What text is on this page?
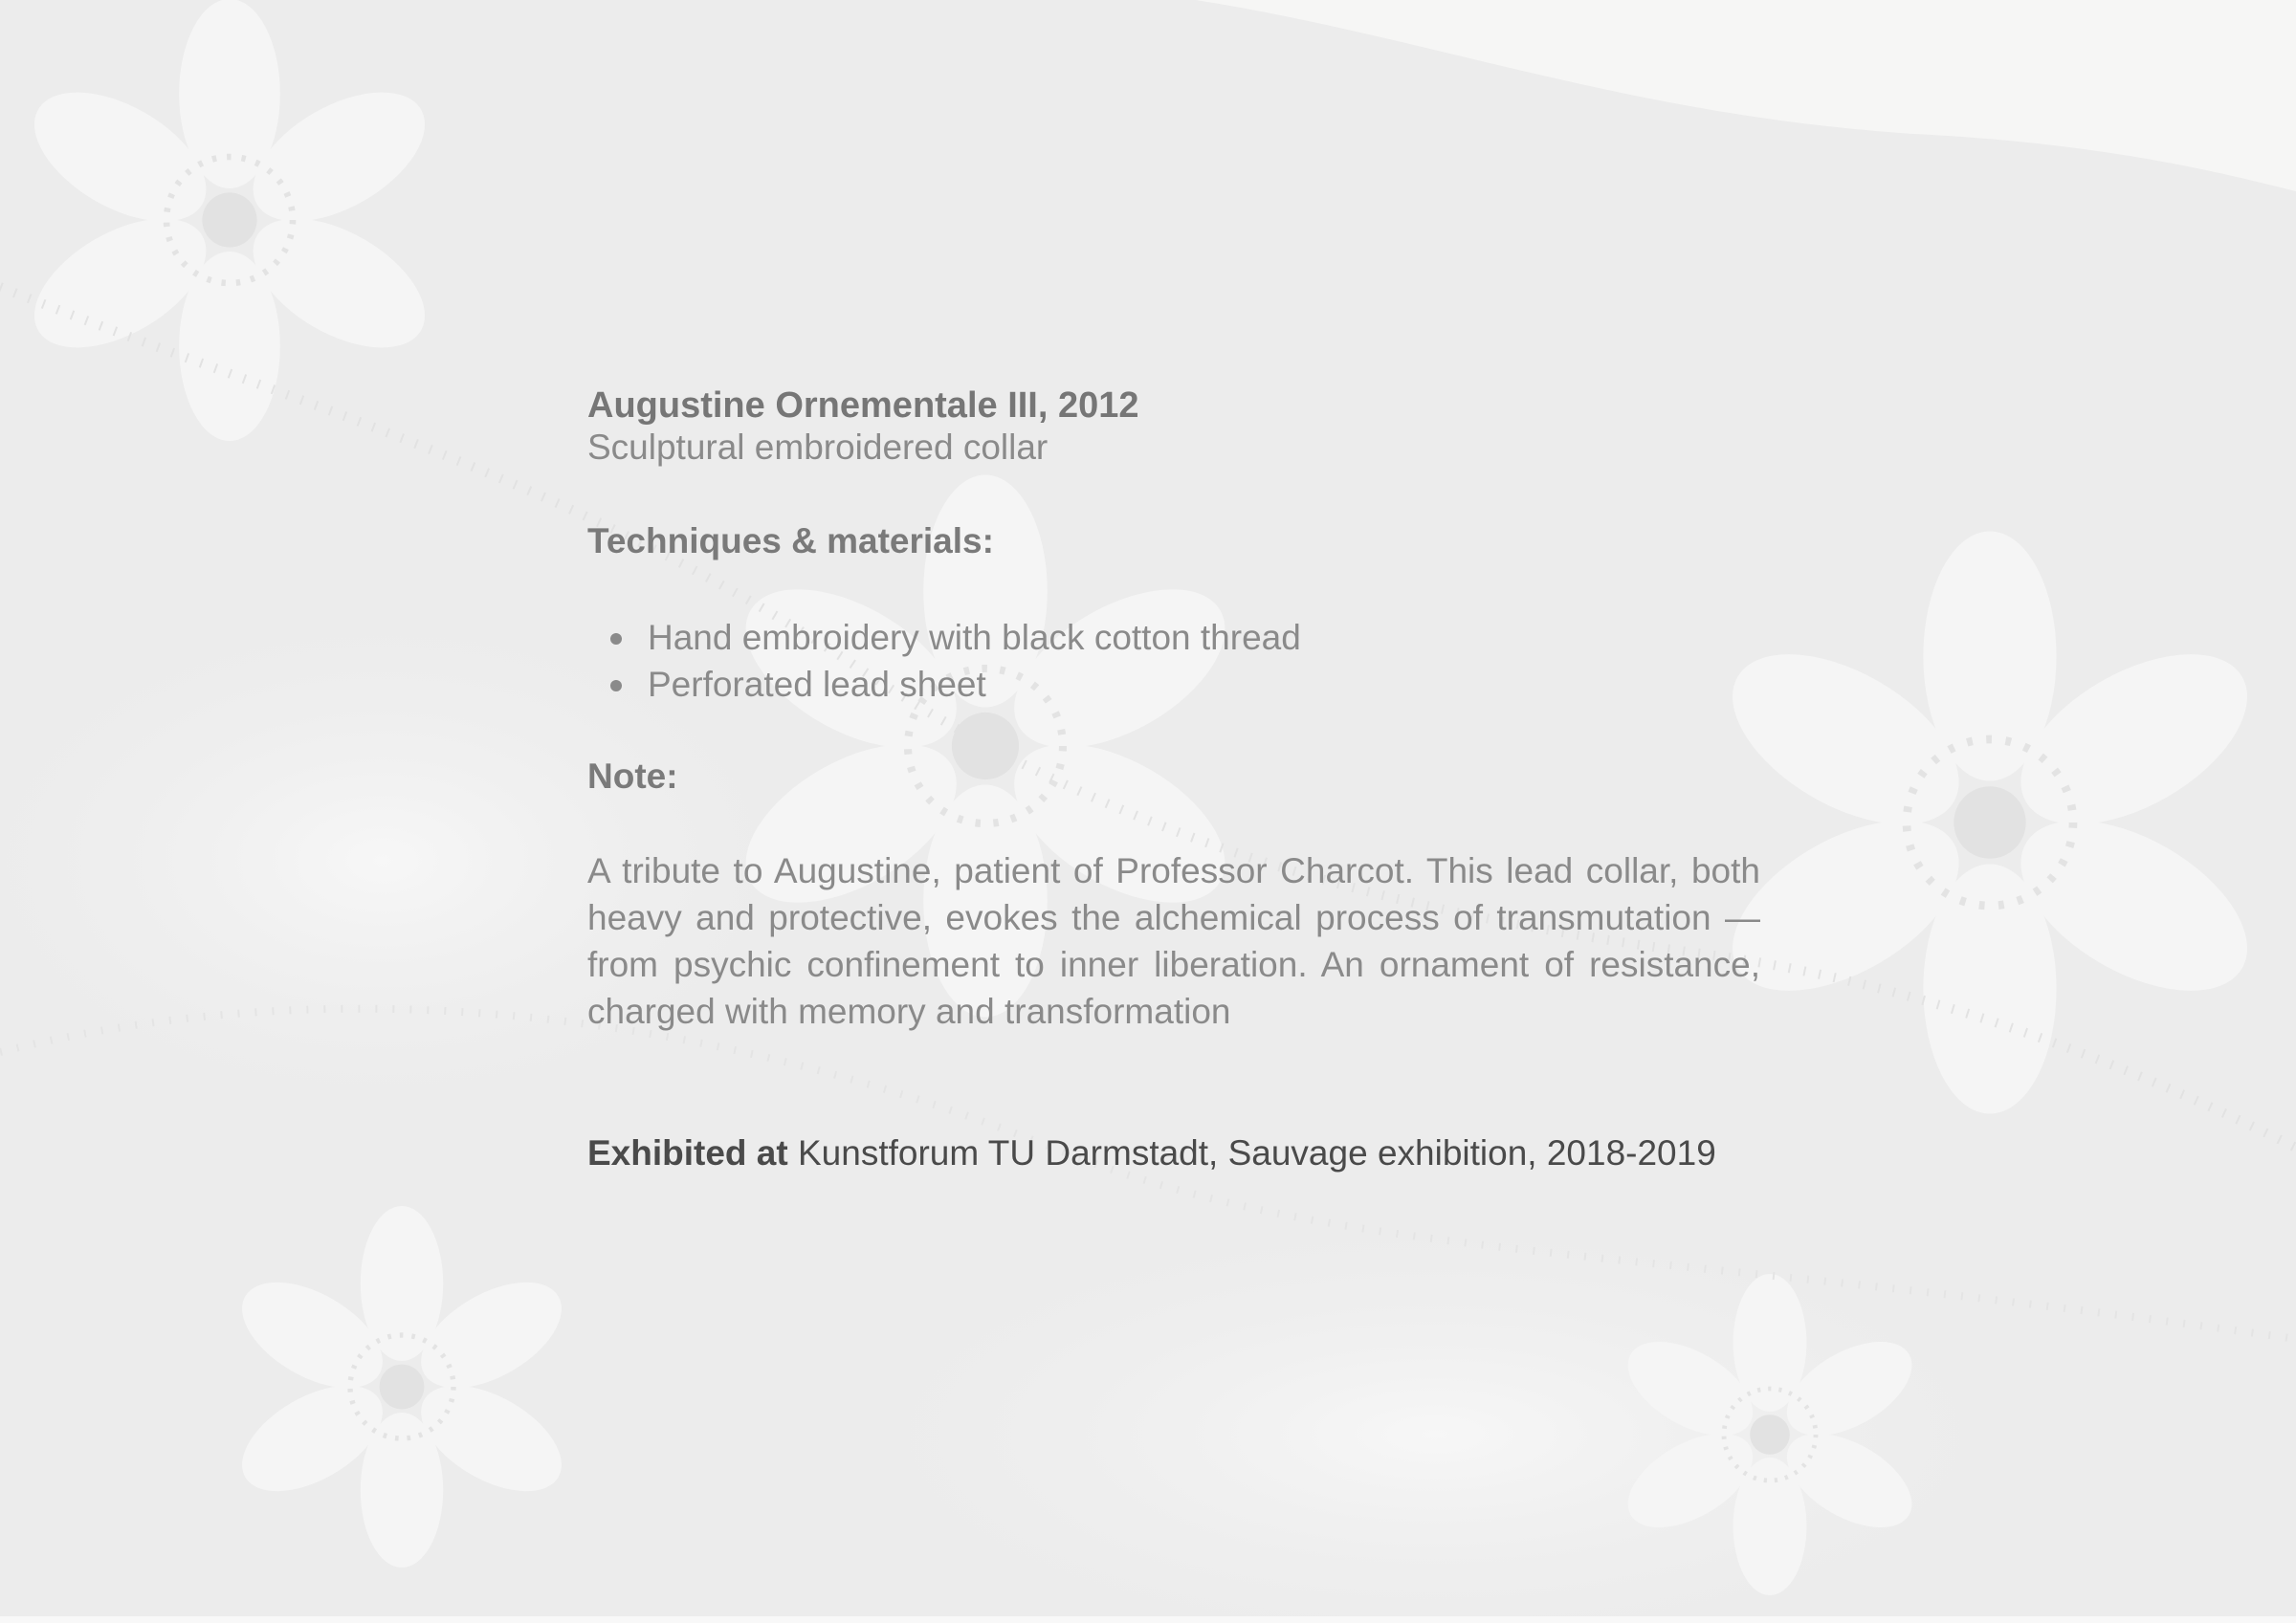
Augustine Ornementale III, 2012

Sculptural embroidered collar

Techniques & materials:
Hand embroidery with black cotton thread
Perforated lead sheet
Note:

A tribute to Augustine, patient of Professor Charcot. This lead collar, both heavy and protective, evokes the alchemical process of transmutation — from psychic confinement to inner liberation. An ornament of resistance, charged with memory and transformation

Exhibited at Kunstforum TU Darmstadt, Sauvage exhibition, 2018-2019
